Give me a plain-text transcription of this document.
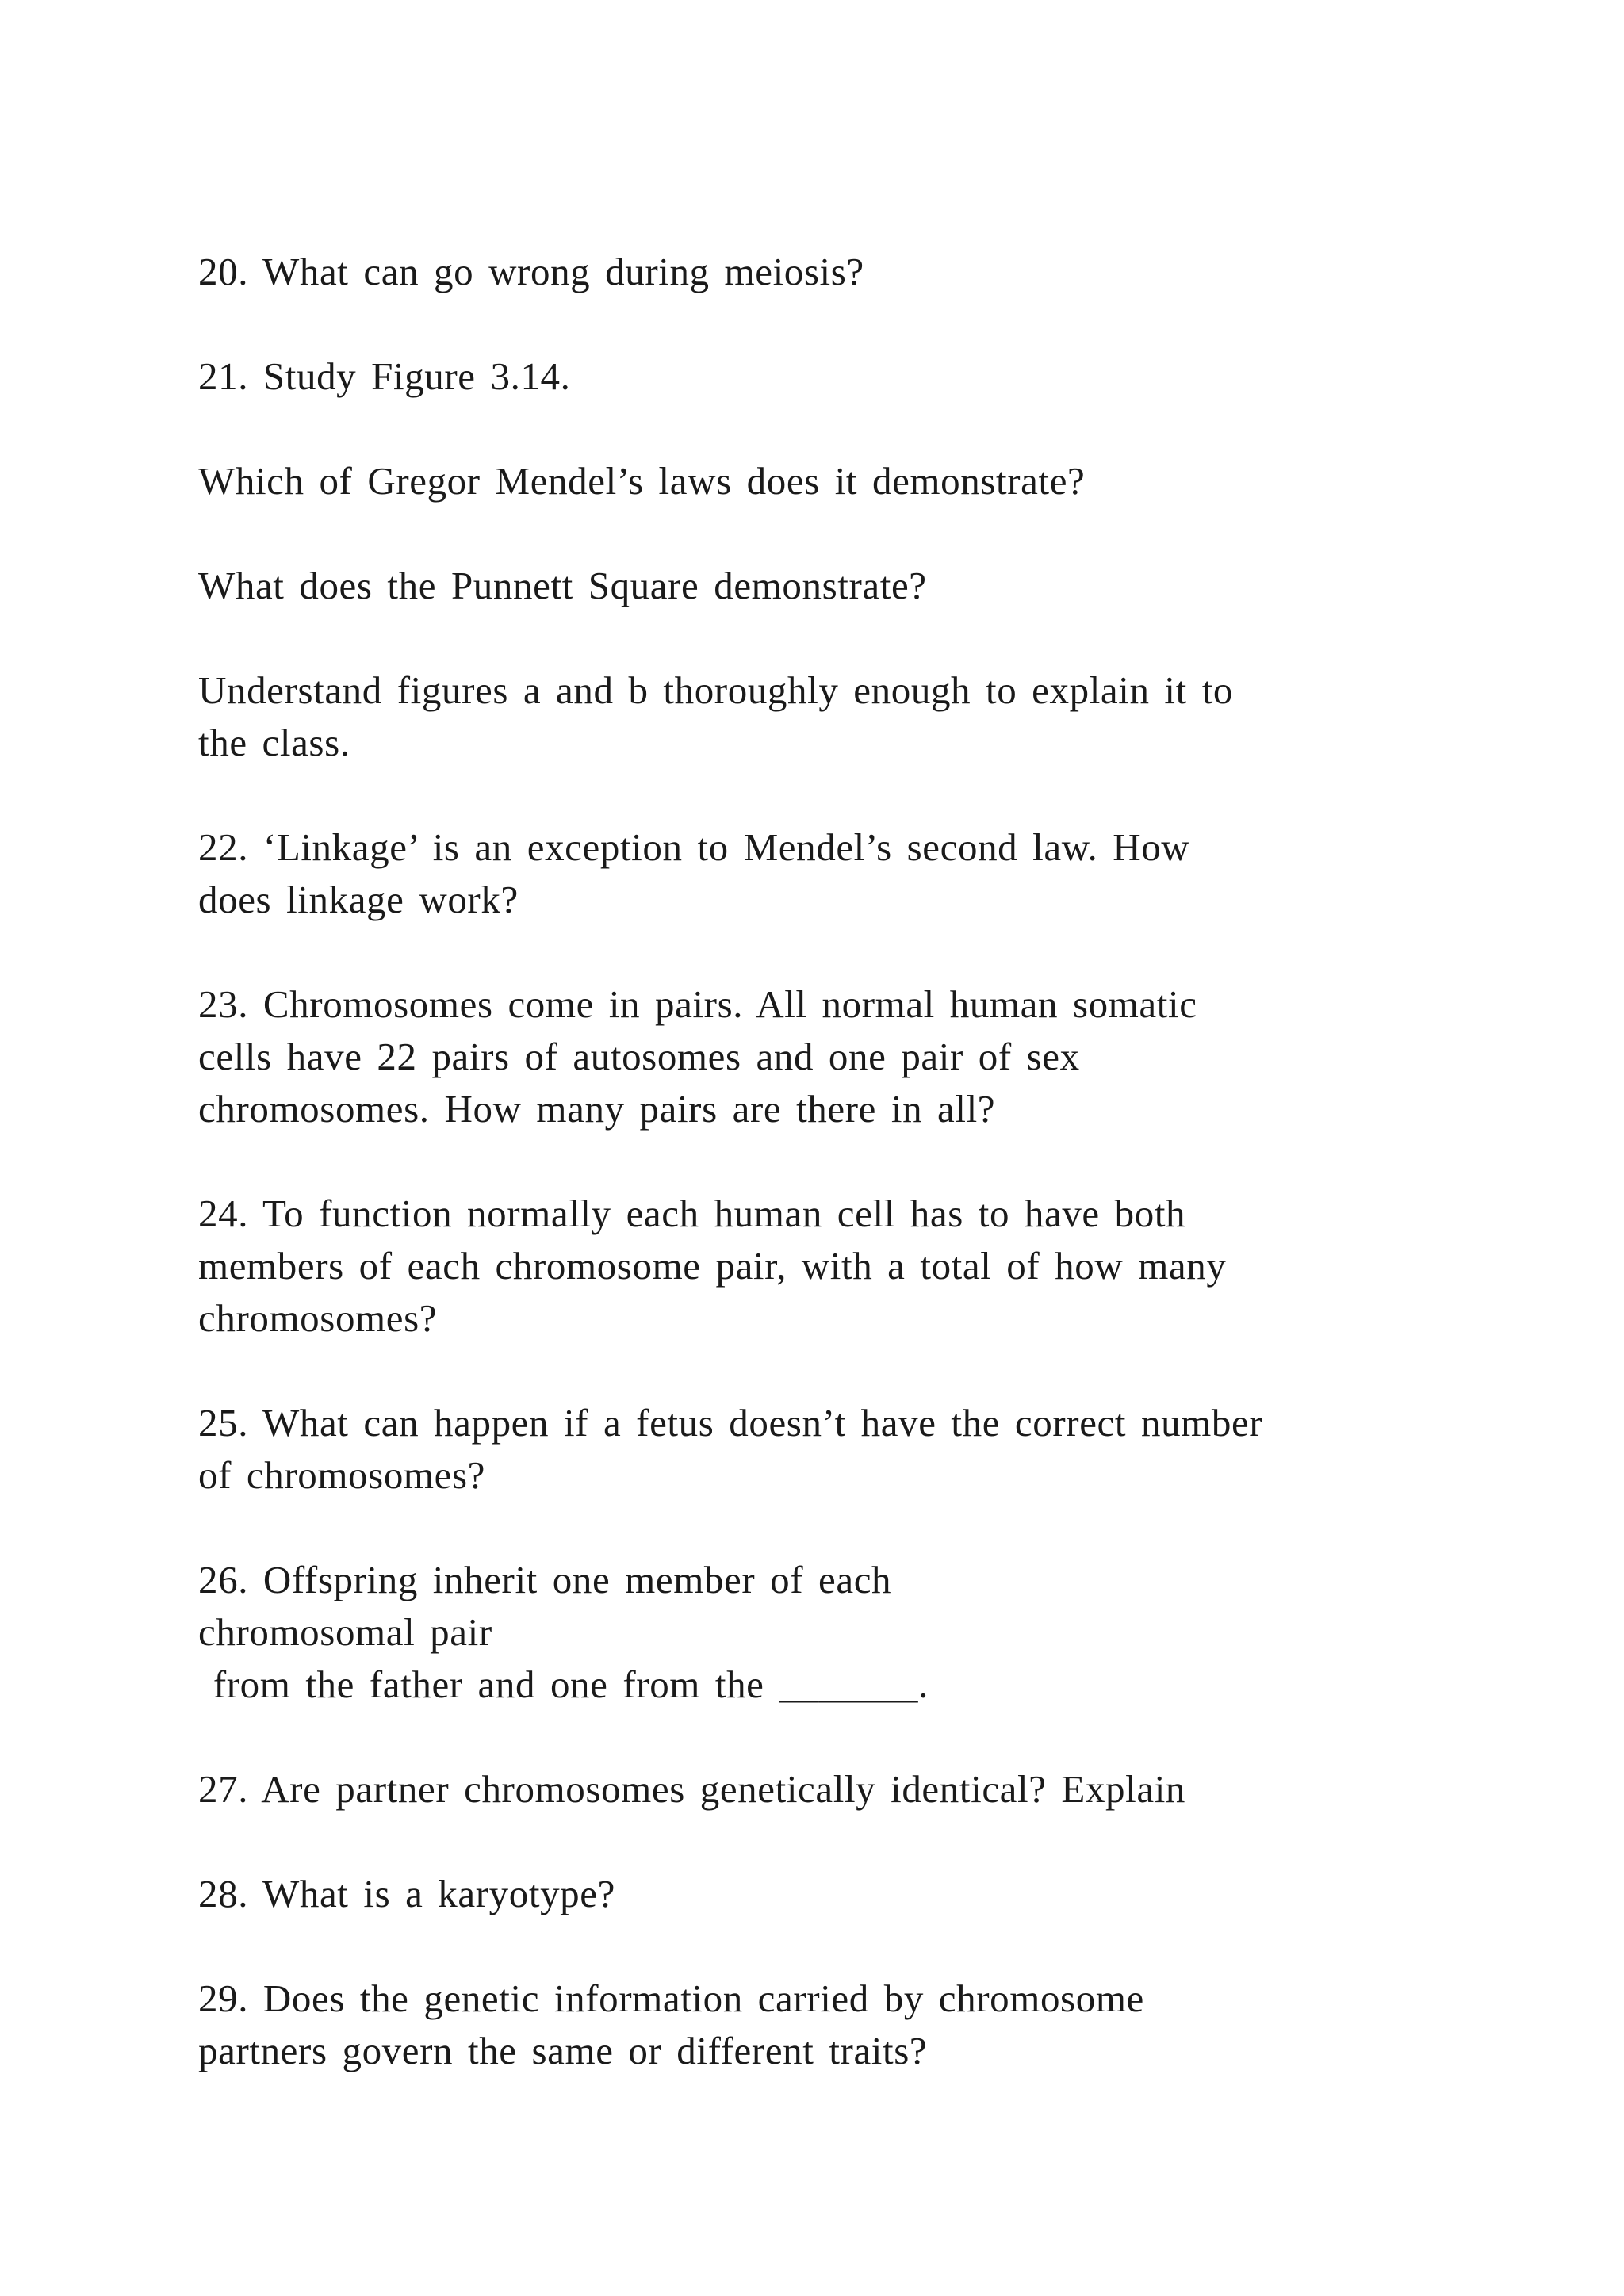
20. What can go wrong during meiosis?

21. Study Figure 3.14.

Which of Gregor Mendel’s laws does it demonstrate?

What does the Punnett Square demonstrate?

Understand figures a and b thoroughly enough to explain it to
the class.

22. ‘Linkage’ is an exception to Mendel’s second law. How
does linkage work?

23. Chromosomes come in pairs. All normal human somatic
cells have 22 pairs of autosomes and one pair of sex
chromosomes. How many pairs are there in all?

24. To function normally each human cell has to have both
members of each chromosome pair, with a total of how many
chromosomes?

25. What can happen if a fetus doesn’t have the correct number
of chromosomes?

26. Offspring inherit one member of each
chromosomal pair
from the father and one from the _______.

27. Are partner chromosomes genetically identical? Explain

28. What is a karyotype?

29. Does the genetic information carried by chromosome
partners govern the same or different traits?
